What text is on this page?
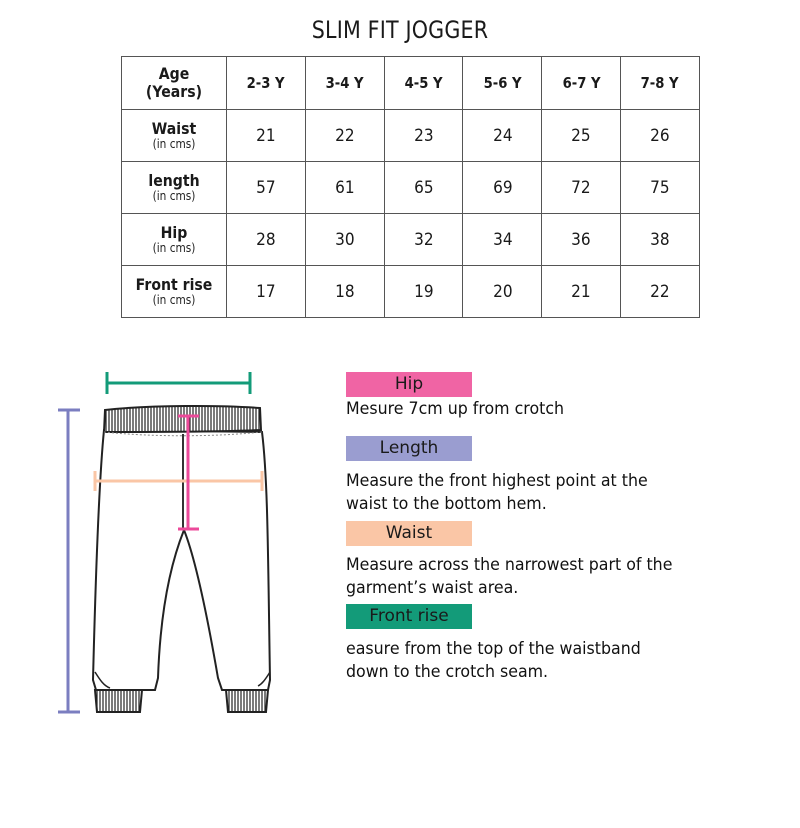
SLIM FIT JOGGER
Age
(Years)	2-3 Y	3-4 Y	4-5 Y	5-6 Y	6-7 Y	7-8 Y

Waist
(in cms)	21	22	23	24	25	26

length
(in cms)	57	61	65	69	72	75

Hip
(in cms)	28	30	32	34	36	38

Front rise
(in cms)	17	18	19	20	21	22
Hip
Mesure 7cm up from crotch
Length
Measure the front highest point at the
waist to the bottom hem.
Waist
Measure across the narrowest part of the
garment’s waist area.
Front rise
easure from the top of the waistband
down to the crotch seam.
